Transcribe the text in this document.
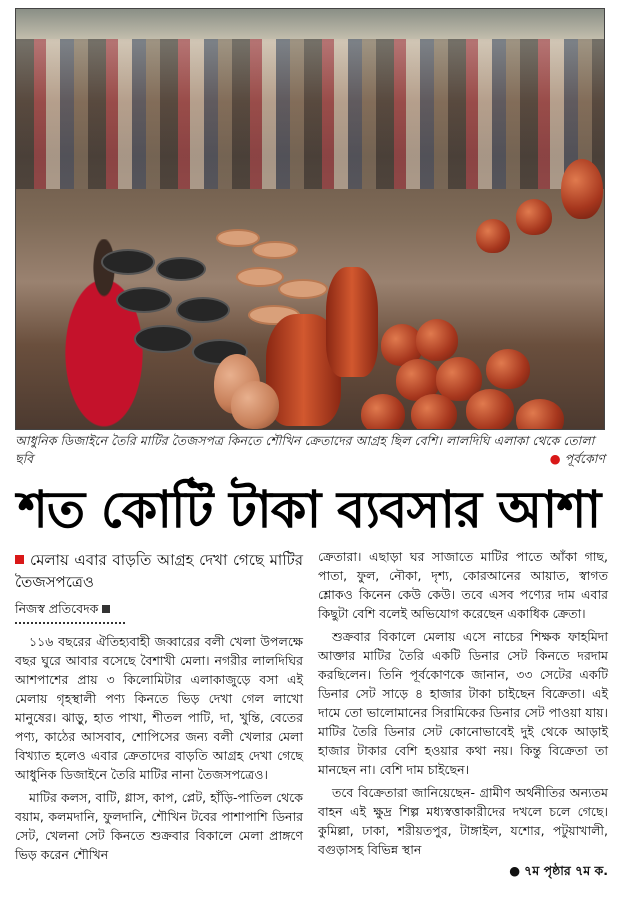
আধুনিক ডিজাইনে তৈরি মাটির তৈজসপত্র কিনতে শৌখিন ক্রেতাদের আগ্রহ ছিল বেশি। লালদিঘি এলাকা থেকে তোলা ছবি	● পূর্বকোণ
শত কোটি টাকা ব্যবসার আশা
মেলায় এবার বাড়তি আগ্রহ দেখা গেছে মাটির তৈজসপত্রেও
নিজস্ব প্রতিবেদক

১১৬ বছরের ঐতিহ্যবাহী জব্বারের বলী খেলা উপলক্ষে বছর ঘুরে আবার বসেছে বৈশাখী মেলা। নগরীর লালদিঘির আশপাশের প্রায় ৩ কিলোমিটার এলাকাজুড়ে বসা এই মেলায় গৃহস্থালী পণ্য কিনতে ভিড় দেখা গেল লাখো মানুষের। ঝাড়ু, হাত পাখা, শীতল পাটি, দা, খুন্তি, বেতের পণ্য, কাঠের আসবাব, শোপিসের জন্য বলী খেলার মেলা বিখ্যাত হলেও এবার ক্রেতাদের বাড়তি আগ্রহ দেখা গেছে আধুনিক ডিজাইনে তৈরি মাটির নানা তৈজসপত্রেও।

মাটির কলস, বাটি, গ্লাস, কাপ, প্লেট, হাঁড়ি-পাতিল থেকে বয়াম, কলমদানি, ফুলদানি, শৌখিন টবের পাশাপাশি ডিনার সেট, খেলনা সেট কিনতে শুক্রবার বিকালে মেলা প্রাঙ্গণে ভিড় করেন শৌখিন

ক্রেতারা। এছাড়া ঘর সাজাতে মাটির পাতে আঁকা গাছ, পাতা, ফুল, নৌকা, দৃশ্য, কোরআনের আয়াত, স্বাগত শ্লোকও কিনেন কেউ কেউ। তবে এসব পণ্যের দাম এবার কিছুটা বেশি বলেই অভিযোগ করেছেন একাধিক ক্রেতা।

শুক্রবার বিকালে মেলায় এসে নাচের শিক্ষক ফাহমিদা আক্তার মাটির তৈরি একটি ডিনার সেট কিনতে দরদাম করছিলেন। তিনি পূর্বকোণকে জানান, ৩৩ সেটের একটি ডিনার সেট সাড়ে ৪ হাজার টাকা চাইছেন বিক্রেতা। এই দামে তো ভালোমানের সিরামিকের ডিনার সেট পাওয়া যায়। মাটির তৈরি ডিনার সেট কোনোভাবেই দুই থেকে আড়াই হাজার টাকার বেশি হওয়ার কথা নয়। কিন্তু বিক্রেতা তা মানছেন না। বেশি দাম চাইছেন।

তবে বিক্রেতারা জানিয়েছেন- গ্রামীণ অর্থনীতির অন্যতম বাহন এই ক্ষুদ্র শিল্প মধ্যস্বত্তাকারীদের দখলে চলে গেছে। কুমিল্লা, ঢাকা, শরীয়তপুর, টাঙ্গাইল, যশোর, পটুয়াখালী, বগুড়াসহ বিভিন্ন স্থান

● ৭ম পৃষ্ঠার ৭ম ক.
